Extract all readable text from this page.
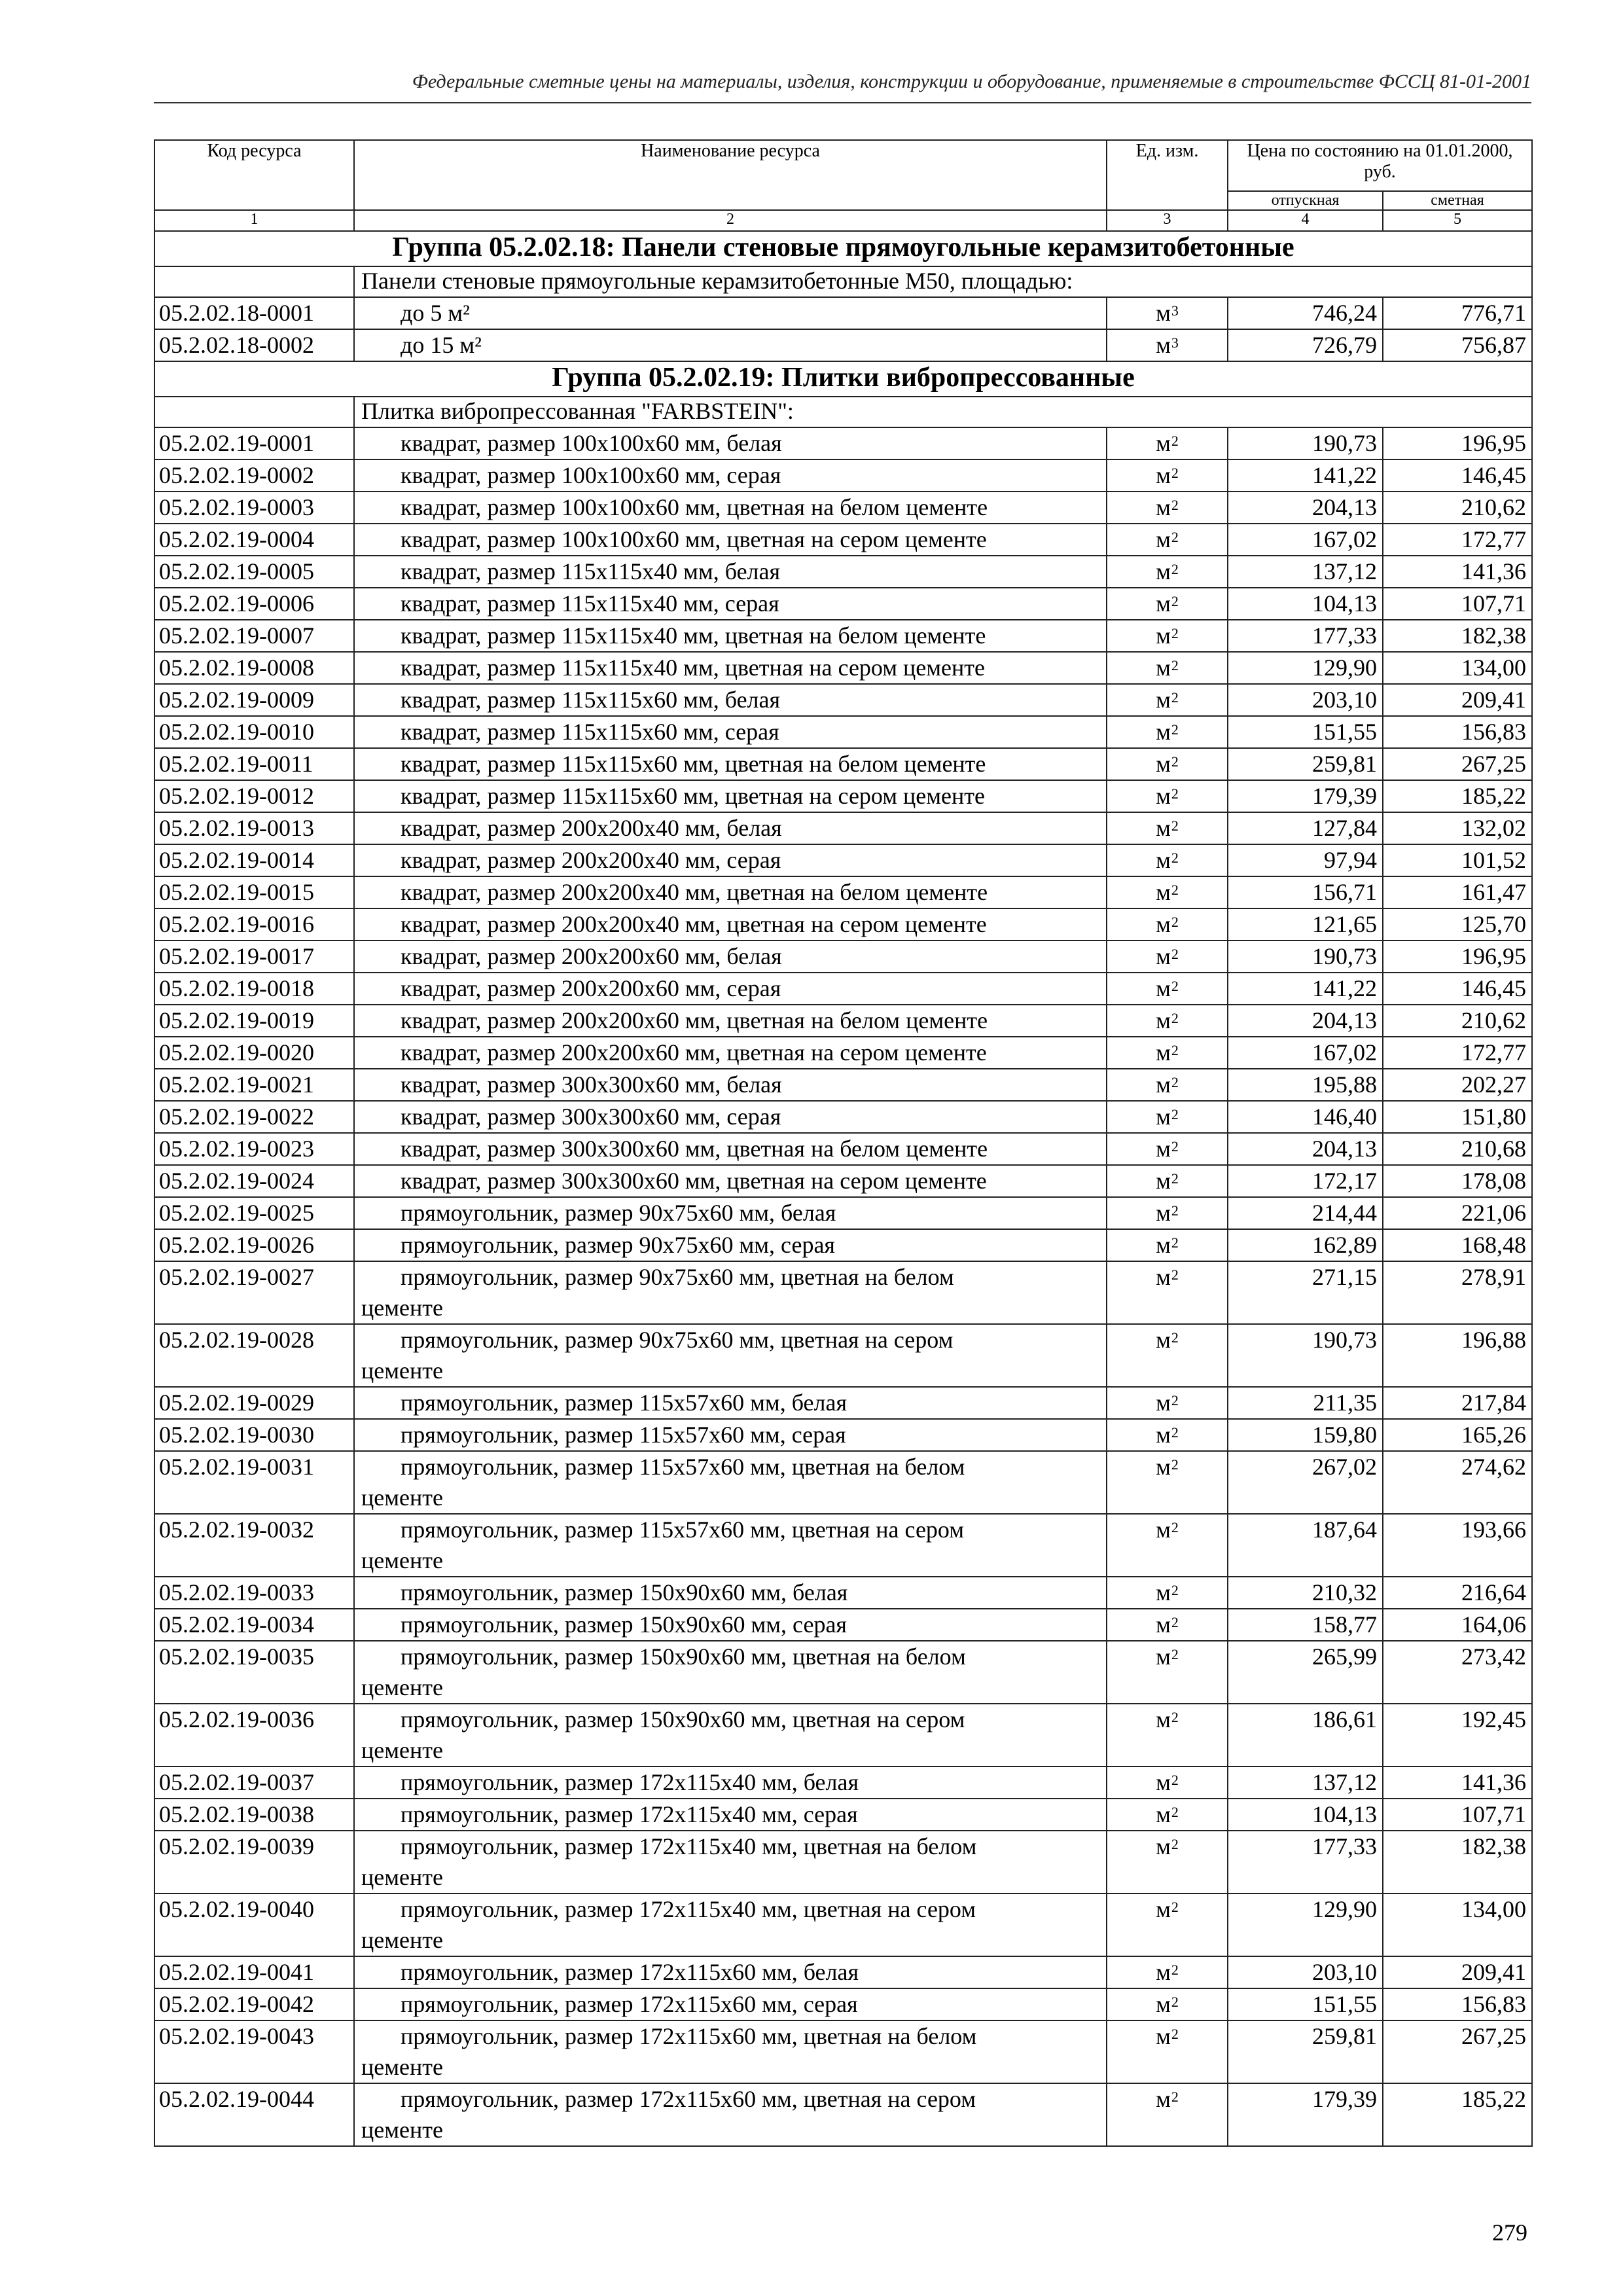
Федеральные сметные цены на материалы, изделия, конструкции и оборудование, применяемые в строительстве ФССЦ 81-01-2001
Код ресурса	Наименование ресурса	Ед. изм.	Цена по состоянию на 01.01.2000, руб.	
			отпускная	сметная
1	2	3	4	5
Группа 05.2.02.18: Панели стеновые прямоугольные керамзитобетонные				
	Панели стеновые прямоугольные керамзитобетонные М50, площадью:			
05.2.02.18-0001	до 5 м²	$м^3$	746,24	776,71
05.2.02.18-0002	до 15 м²	$м^3$	726,79	756,87
Группа 05.2.02.19: Плитки вибропрессованные				
	Плитка вибропрессованная "FARBSTEIN":			
05.2.02.19-0001	квадрат, размер 100х100х60 мм, белая	$м^2$	190,73	196,95
05.2.02.19-0002	квадрат, размер 100х100х60 мм, серая	$м^2$	141,22	146,45
05.2.02.19-0003	квадрат, размер 100х100х60 мм, цветная на белом цементе	$м^2$	204,13	210,62
05.2.02.19-0004	квадрат, размер 100х100х60 мм, цветная на сером цементе	$м^2$	167,02	172,77
05.2.02.19-0005	квадрат, размер 115х115х40 мм, белая	$м^2$	137,12	141,36
05.2.02.19-0006	квадрат, размер 115х115х40 мм, серая	$м^2$	104,13	107,71
05.2.02.19-0007	квадрат, размер 115х115х40 мм, цветная на белом цементе	$м^2$	177,33	182,38
05.2.02.19-0008	квадрат, размер 115х115х40 мм, цветная на сером цементе	$м^2$	129,90	134,00
05.2.02.19-0009	квадрат, размер 115х115х60 мм, белая	$м^2$	203,10	209,41
05.2.02.19-0010	квадрат, размер 115х115х60 мм, серая	$м^2$	151,55	156,83
05.2.02.19-0011	квадрат, размер 115х115х60 мм, цветная на белом цементе	$м^2$	259,81	267,25
05.2.02.19-0012	квадрат, размер 115х115х60 мм, цветная на сером цементе	$м^2$	179,39	185,22
05.2.02.19-0013	квадрат, размер 200х200х40 мм, белая	$м^2$	127,84	132,02
05.2.02.19-0014	квадрат, размер 200х200х40 мм, серая	$м^2$	97,94	101,52
05.2.02.19-0015	квадрат, размер 200х200х40 мм, цветная на белом цементе	$м^2$	156,71	161,47
05.2.02.19-0016	квадрат, размер 200х200х40 мм, цветная на сером цементе	$м^2$	121,65	125,70
05.2.02.19-0017	квадрат, размер 200х200х60 мм, белая	$м^2$	190,73	196,95
05.2.02.19-0018	квадрат, размер 200х200х60 мм, серая	$м^2$	141,22	146,45
05.2.02.19-0019	квадрат, размер 200х200х60 мм, цветная на белом цементе	$м^2$	204,13	210,62
05.2.02.19-0020	квадрат, размер 200х200х60 мм, цветная на сером цементе	$м^2$	167,02	172,77
05.2.02.19-0021	квадрат, размер 300х300х60 мм, белая	$м^2$	195,88	202,27
05.2.02.19-0022	квадрат, размер 300х300х60 мм, серая	$м^2$	146,40	151,80
05.2.02.19-0023	квадрат, размер 300х300х60 мм, цветная на белом цементе	$м^2$	204,13	210,68
05.2.02.19-0024	квадрат, размер 300х300х60 мм, цветная на сером цементе	$м^2$	172,17	178,08
05.2.02.19-0025	прямоугольник, размер 90х75х60 мм, белая	$м^2$	214,44	221,06
05.2.02.19-0026	прямоугольник, размер 90х75х60 мм, серая	$м^2$	162,89	168,48
05.2.02.19-0027	прямоугольник, размер 90х75х60 мм, цветная на белом
цементе	$м^2$	271,15	278,91
05.2.02.19-0028	прямоугольник, размер 90х75х60 мм, цветная на сером
цементе	$м^2$	190,73	196,88
05.2.02.19-0029	прямоугольник, размер 115х57х60 мм, белая	$м^2$	211,35	217,84
05.2.02.19-0030	прямоугольник, размер 115х57х60 мм, серая	$м^2$	159,80	165,26
05.2.02.19-0031	прямоугольник, размер 115х57х60 мм, цветная на белом
цементе	$м^2$	267,02	274,62
05.2.02.19-0032	прямоугольник, размер 115х57х60 мм, цветная на сером
цементе	$м^2$	187,64	193,66
05.2.02.19-0033	прямоугольник, размер 150х90х60 мм, белая	$м^2$	210,32	216,64
05.2.02.19-0034	прямоугольник, размер 150х90х60 мм, серая	$м^2$	158,77	164,06
05.2.02.19-0035	прямоугольник, размер 150х90х60 мм, цветная на белом
цементе	$м^2$	265,99	273,42
05.2.02.19-0036	прямоугольник, размер 150х90х60 мм, цветная на сером
цементе	$м^2$	186,61	192,45
05.2.02.19-0037	прямоугольник, размер 172х115х40 мм, белая	$м^2$	137,12	141,36
05.2.02.19-0038	прямоугольник, размер 172х115х40 мм, серая	$м^2$	104,13	107,71
05.2.02.19-0039	прямоугольник, размер 172х115х40 мм, цветная на белом
цементе	$м^2$	177,33	182,38
05.2.02.19-0040	прямоугольник, размер 172х115х40 мм, цветная на сером
цементе	$м^2$	129,90	134,00
05.2.02.19-0041	прямоугольник, размер 172х115х60 мм, белая	$м^2$	203,10	209,41
05.2.02.19-0042	прямоугольник, размер 172х115х60 мм, серая	$м^2$	151,55	156,83
05.2.02.19-0043	прямоугольник, размер 172х115х60 мм, цветная на белом
цементе	$м^2$	259,81	267,25
05.2.02.19-0044	прямоугольник, размер 172х115х60 мм, цветная на сером
цементе	$м^2$	179,39	185,22
279
